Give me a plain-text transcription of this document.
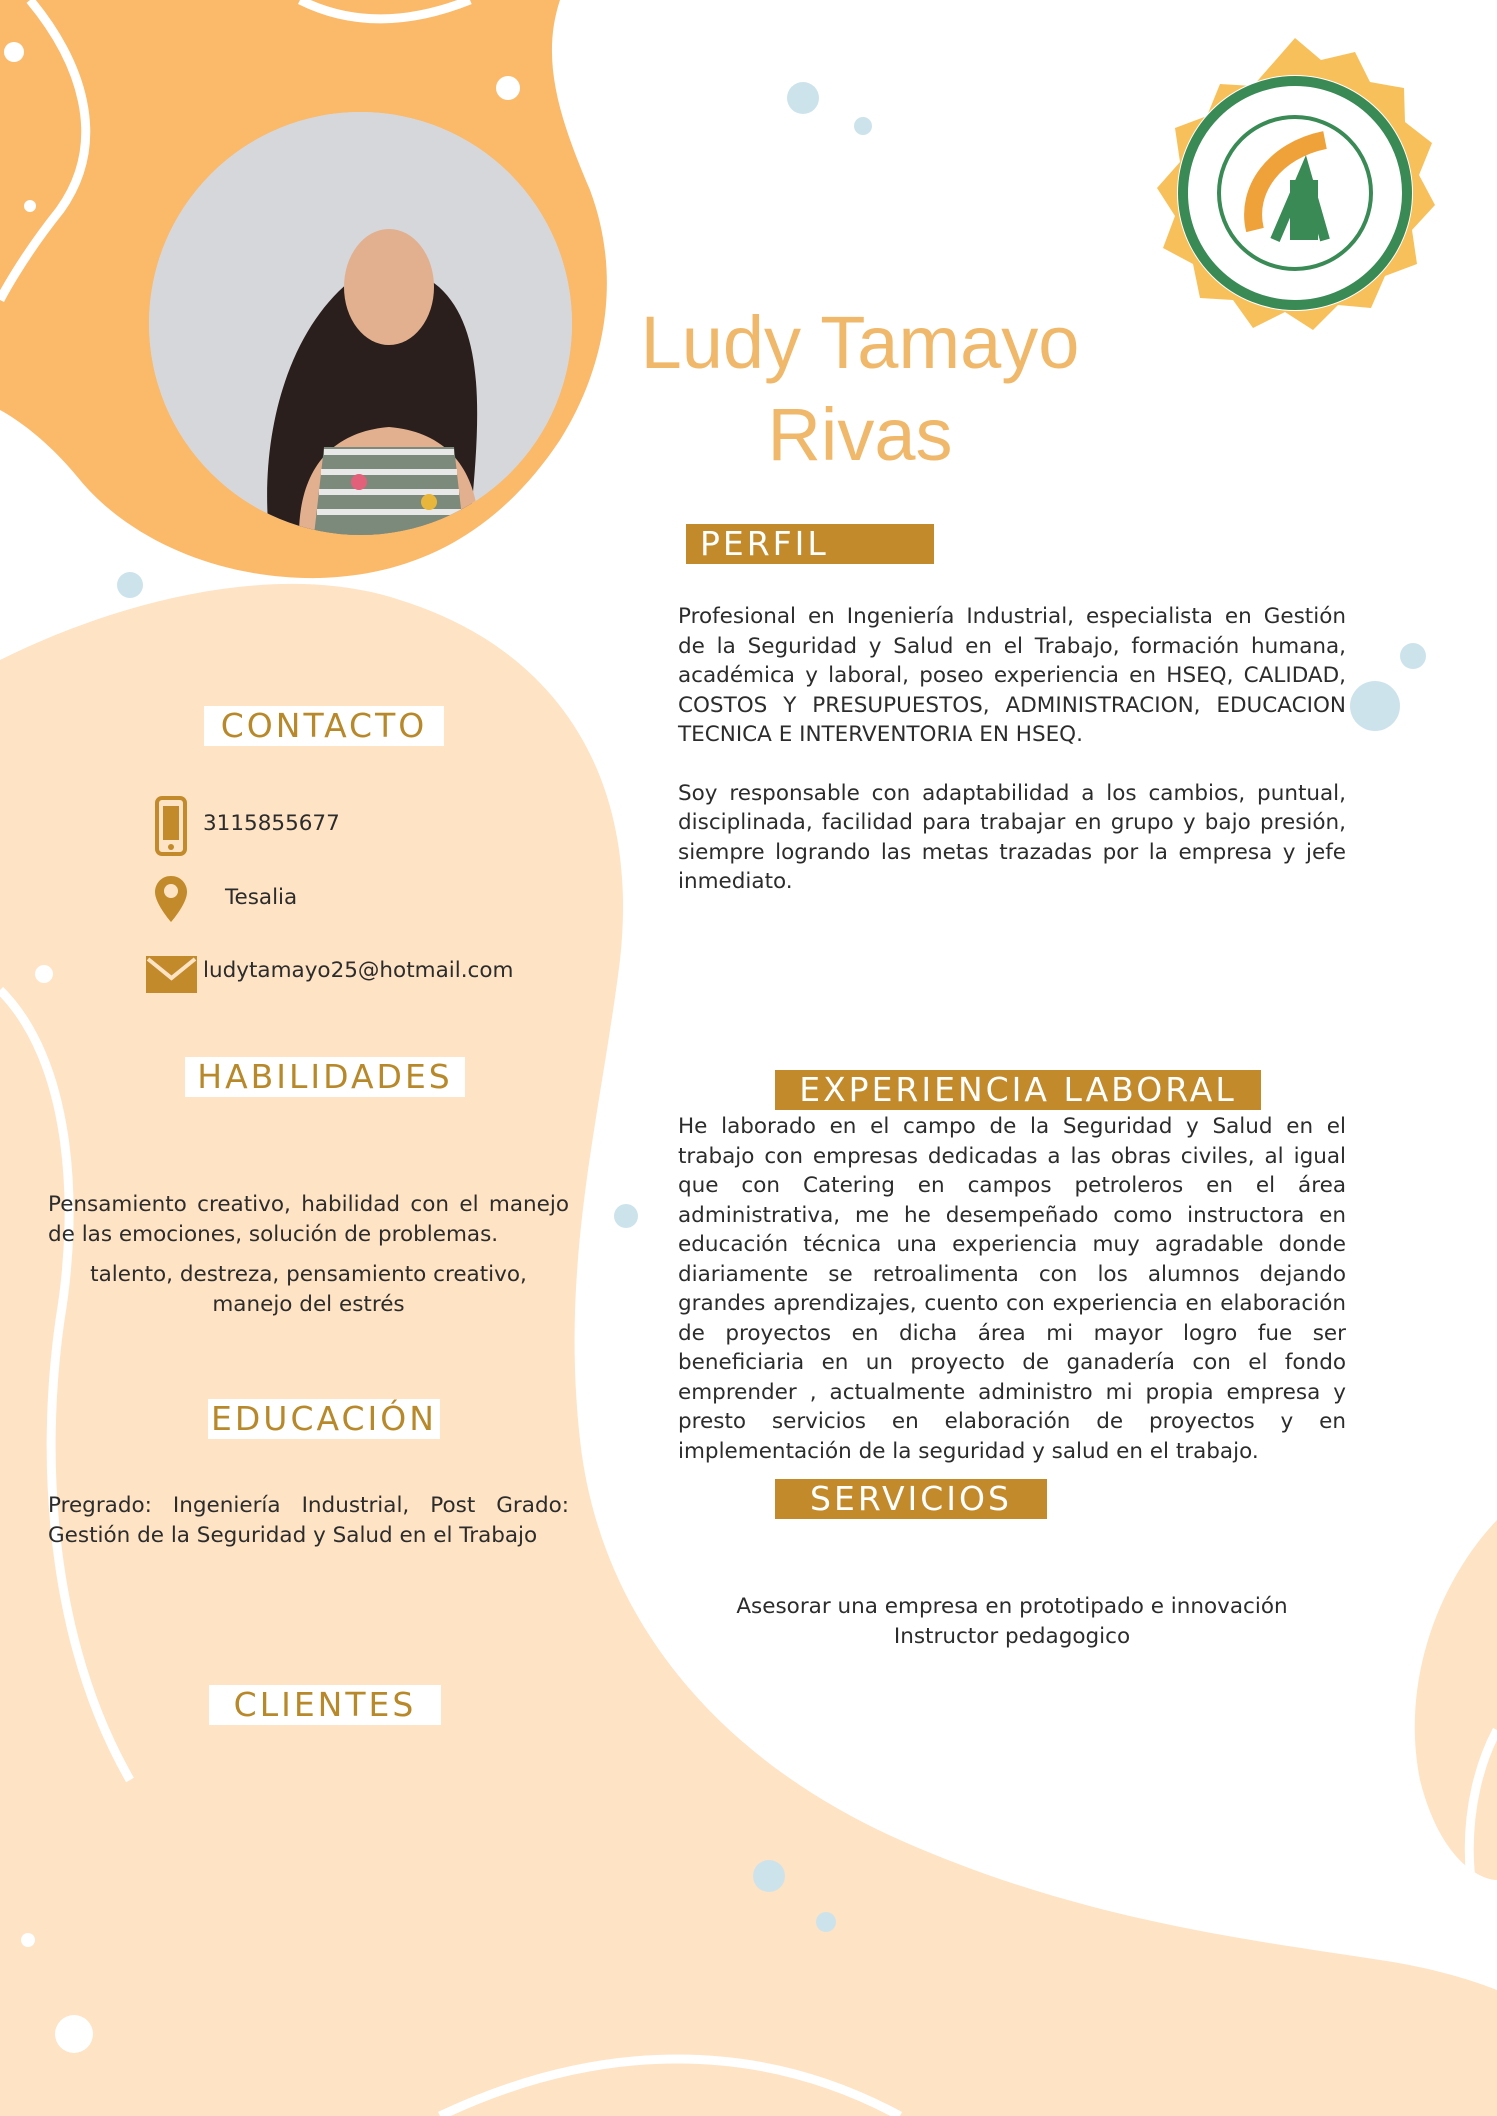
Ludy Tamayo
Rivas
PERFIL
CONTACTO
HABILIDADES
EDUCACIÓN
CLIENTES
EXPERIENCIA LABORAL
SERVICIOS

Profesional en Ingeniería Industrial, especialista en Gestión de la Seguridad y Salud en el Trabajo, formación humana, académica y laboral, poseo experiencia en HSEQ, CALIDAD, COSTOS Y PRESUPUESTOS, ADMINISTRACION, EDUCACION TECNICA E INTERVENTORIA EN HSEQ.

Soy responsable con adaptabilidad a los cambios, puntual, disciplinada, facilidad para trabajar en grupo y bajo presión, siempre logrando las metas trazadas por la empresa y jefe inmediato.

3115855677
Tesalia
ludytamayo25@hotmail.com
Pensamiento creativo, habilidad con el manejo de las emociones, solución de problemas.
talento, destreza, pensamiento creativo, manejo del estrés
Pregrado: Ingeniería Industrial, Post Grado: Gestión de la Seguridad y Salud en el Trabajo
He laborado en el campo de la Seguridad y Salud en el trabajo con empresas dedicadas a las obras civiles, al igual que con Catering en campos petroleros en el área administrativa, me he desempeñado como instructora en educación técnica una experiencia muy agradable donde diariamente se retroalimenta con los alumnos dejando grandes aprendizajes, cuento con experiencia en elaboración de proyectos en dicha área mi mayor logro fue ser beneficiaria en un proyecto de ganadería con el fondo emprender , actualmente administro mi propia empresa y presto servicios en elaboración de proyectos y en implementación de la seguridad y salud en el trabajo.
Asesorar una empresa en prototipado e innovación
Instructor pedagogico
